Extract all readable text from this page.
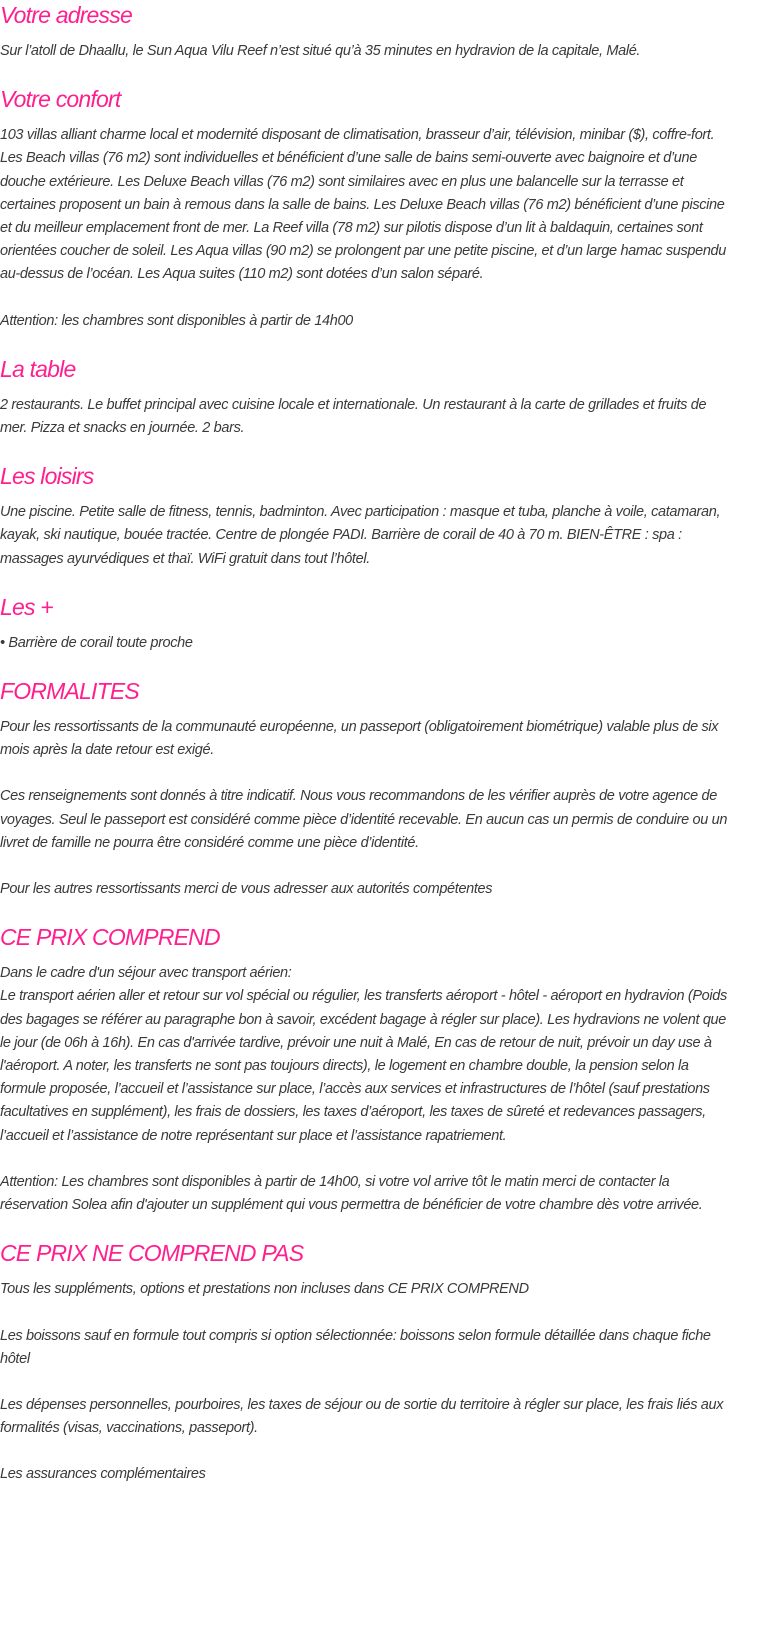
Votre adresse
Sur l’atoll de Dhaallu, le Sun Aqua Vilu Reef n’est situé qu’à 35 minutes en hydravion de la capitale, Malé.
Votre confort
103 villas alliant charme local et modernité disposant de climatisation, brasseur d’air, télévision, minibar ($), coffre-fort. Les Beach villas (76 m2) sont individuelles et bénéficient d’une salle de bains semi-ouverte avec baignoire et d’une douche extérieure. Les Deluxe Beach villas (76 m2) sont similaires avec en plus une balancelle sur la terrasse et certaines proposent un bain à remous dans la salle de bains. Les Deluxe Beach villas (76 m2) bénéficient d’une piscine et du meilleur emplacement front de mer. La Reef villa (78 m2) sur pilotis dispose d’un lit à baldaquin, certaines sont orientées coucher de soleil. Les Aqua villas (90 m2) se prolongent par une petite piscine, et d’un large hamac suspendu au-dessus de l’océan. Les Aqua suites (110 m2) sont dotées d’un salon séparé.
Attention: les chambres sont disponibles à partir de 14h00
La table
2 restaurants. Le buffet principal avec cuisine locale et internationale. Un restaurant à la carte de grillades et fruits de mer. Pizza et snacks en journée. 2 bars.
Les loisirs
Une piscine. Petite salle de fitness, tennis, badminton. Avec participation : masque et tuba, planche à voile, catamaran, kayak, ski nautique, bouée tractée. Centre de plongée PADI. Barrière de corail de 40 à 70 m. BIEN-ÊTRE : spa : massages ayurvédiques et thaï. WiFi gratuit dans tout l’hôtel.
Les +
• Barrière de corail toute proche
FORMALITES
Pour les ressortissants de la communauté européenne, un passeport (obligatoirement biométrique) valable plus de six mois après la date retour est exigé.
Ces renseignements sont donnés à titre indicatif. Nous vous recommandons de les vérifier auprès de votre agence de voyages. Seul le passeport est considéré comme pièce d’identité recevable. En aucun cas un permis de conduire ou un livret de famille ne pourra être considéré comme une pièce d’identité.
Pour les autres ressortissants merci de vous adresser aux autorités compétentes
CE PRIX COMPREND
Dans le cadre d'un séjour avec transport aérien:
Le transport aérien aller et retour sur vol spécial ou régulier, les transferts aéroport - hôtel - aéroport en hydravion (Poids des bagages se référer au paragraphe bon à savoir, excédent bagage à régler sur place). Les hydravions ne volent que le jour (de 06h à 16h). En cas d'arrivée tardive, prévoir une nuit à Malé, En cas de retour de nuit, prévoir un day use à l'aéroport. A noter, les transferts ne sont pas toujours directs), le logement en chambre double, la pension selon la formule proposée, l’accueil et l’assistance sur place, l’accès aux services et infrastructures de l’hôtel (sauf prestations facultatives en supplément), les frais de dossiers, les taxes d’aéroport, les taxes de sûreté et redevances passagers, l’accueil et l’assistance de notre représentant sur place et l’assistance rapatriement.
Attention: Les chambres sont disponibles à partir de 14h00, si votre vol arrive tôt le matin merci de contacter la réservation Solea afin d'ajouter un supplément qui vous permettra de bénéficier de votre chambre dès votre arrivée.
CE PRIX NE COMPREND PAS
Tous les suppléments, options et prestations non incluses dans CE PRIX COMPREND
Les boissons sauf en formule tout compris si option sélectionnée: boissons selon formule détaillée dans chaque fiche hôtel
Les dépenses personnelles, pourboires, les taxes de séjour ou de sortie du territoire à régler sur place, les frais liés aux formalités (visas, vaccinations, passeport).
Les assurances complémentaires
